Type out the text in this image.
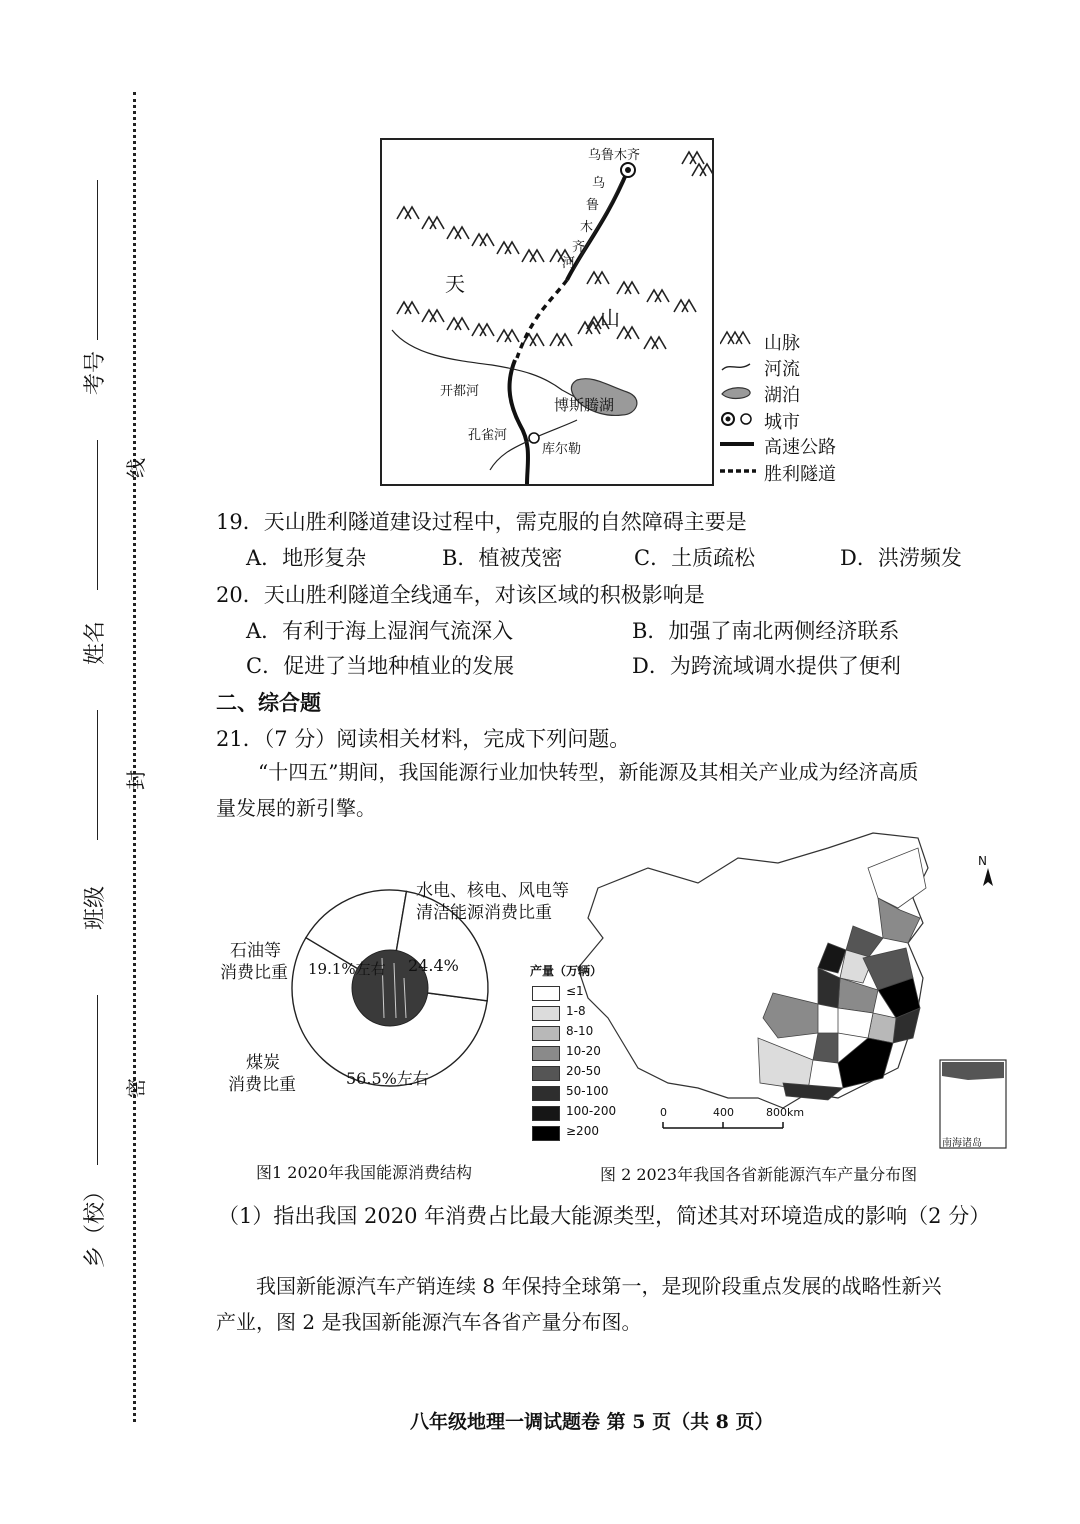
考号
线
姓名
封
班级
密
乡（校）
乌鲁木齐
乌
鲁
木
齐
河
天
山
开都河
博斯腾湖
孔雀河
库尔勒
山脉
河流
湖泊
城市
高速公路
胜利隧道
19．天山胜利隧道建设过程中，需克服的自然障碍主要是
A．地形复杂	B．植被茂密	C．土质疏松	D．洪涝频发
20．天山胜利隧道全线通车，对该区域的积极影响是
A．有利于海上湿润气流深入	B．加强了南北两侧经济联系
C．促进了当地种植业的发展	D．为跨流域调水提供了便利
二、综合题
21．（7 分）阅读相关材料，完成下列问题。
“十四五”期间，我国能源行业加快转型，新能源及其相关产业成为经济高质
量发展的新引擎。
水电、核电、风电等
清洁能源消费比重
石油等
消费比重 19.1%左右 24.4%
煤炭
消费比重	56.5%左右
图1 2020年我国能源消费结构
N
0	400	800km
南海诸岛
产量（万辆）
≤1
1-8
8-10
10-20
20-50
50-100
100-200
≥200
图 2 2023年我国各省新能源汽车产量分布图
（1）指出我国 2020 年消费占比最大能源类型，简述其对环境造成的影响（2 分）
我国新能源汽车产销连续 8 年保持全球第一，是现阶段重点发展的战略性新兴
产业，图 2 是我国新能源汽车各省产量分布图。
八年级地理一调试题卷 第 5 页（共 8 页）
